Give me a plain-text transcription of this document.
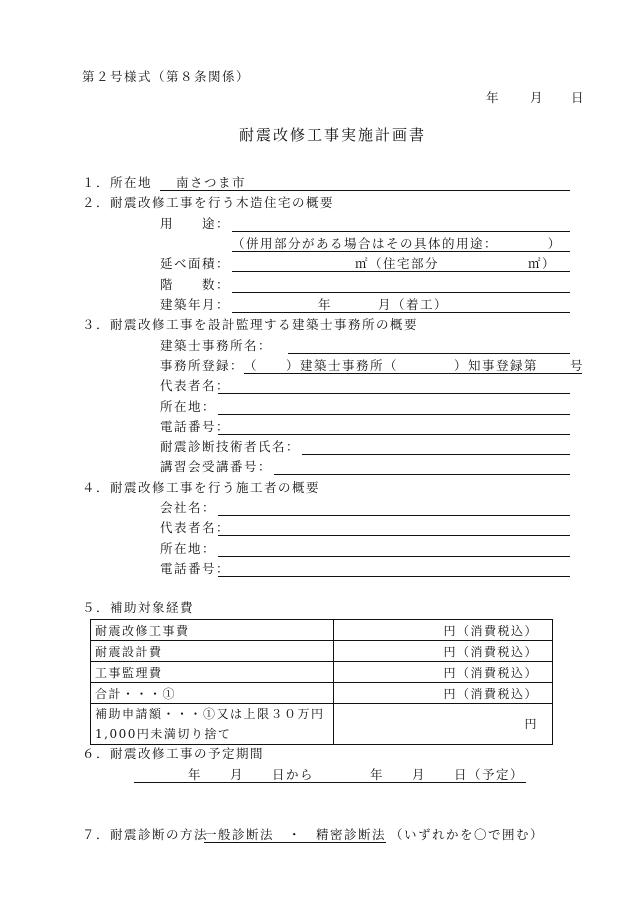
第２号様式（第８条関係）
年 月 日
耐震改修工事実施計画書
１．所在地 南さつま市
２．耐震改修工事を行う木造住宅の概要
用　　途：
（併用部分がある場合はその具体的用途：　　　　）
延べ面積：	㎡（住宅部分	㎡）
階　　数：
建築年月：	年	月（着工）
３．耐震改修工事を設計監理する建築士事務所の概要
建築士事務所名：
事務所登録： （　　）建築士事務所（　　　　）知事登録第	号
代表者名：
所在地：
電話番号：
耐震診断技術者氏名：
講習会受講番号：
４．耐震改修工事を行う施工者の概要
会社名：
代表者名：
所在地：
電話番号：
５．補助対象経費
耐震改修工事費	円（消費税込）
耐震設計費	円（消費税込）
工事監理費	円（消費税込）
合計・・・①	円（消費税込）

補助申請額・・・①又は上限３０万円
1,000円未満切り捨て	円
６．耐震改修工事の予定期間
年　　月　　日から　　　　年　　月　　日（予定）
７．耐震診断の方法
一般診断法　・　精密診断法 （いずれかを〇で囲む）
